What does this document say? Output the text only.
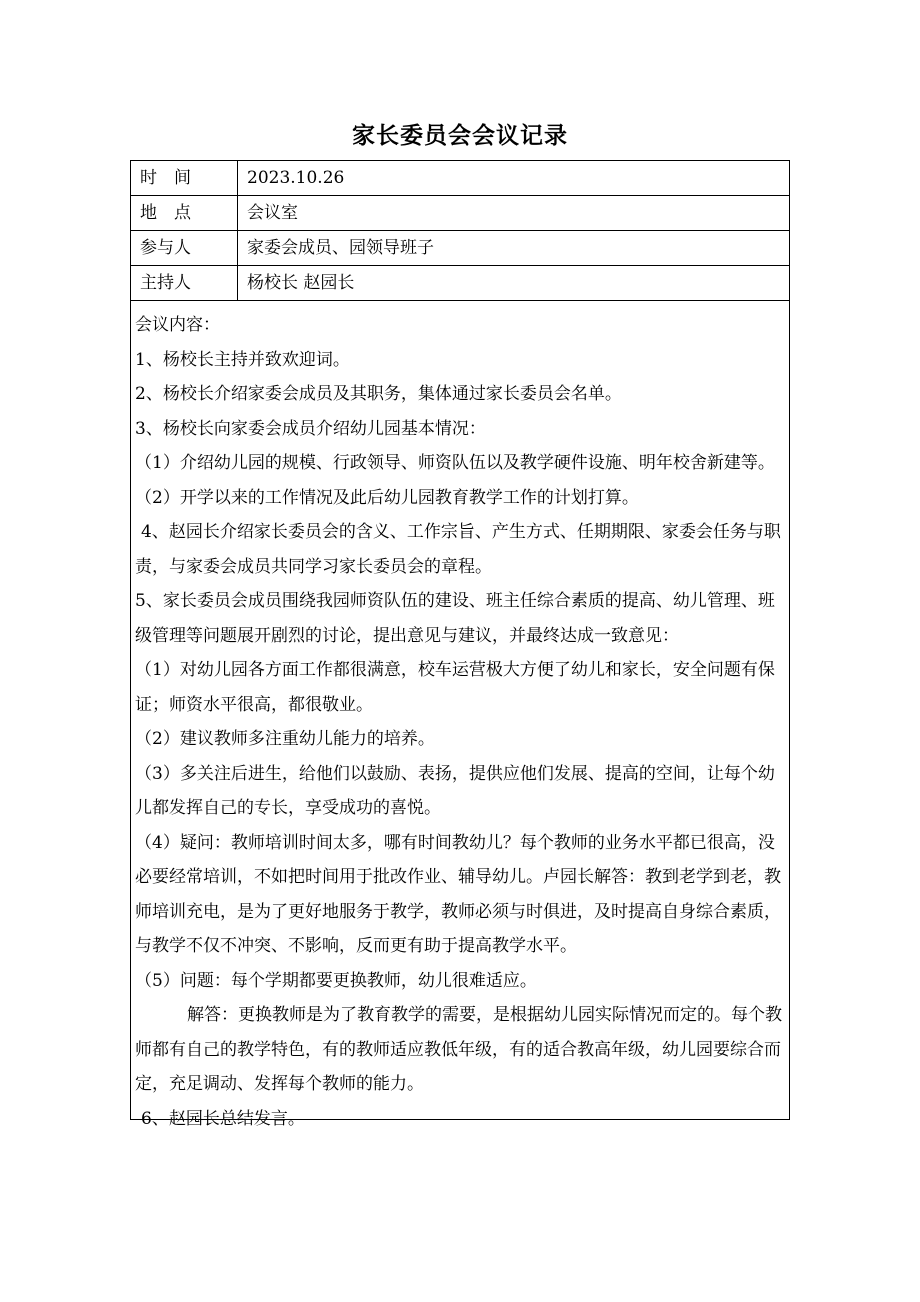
家长委员会会议记录
时　间	2023.10.26
地　点	会议室
参与人	家委会成员、园领导班子
主持人	杨校长 赵园长

会议内容：

1、杨校长主持并致欢迎词。

2、杨校长介绍家委会成员及其职务，集体通过家长委员会名单。

3、杨校长向家委会成员介绍幼儿园基本情况：

（1）介绍幼儿园的规模、行政领导、师资队伍以及教学硬件设施、明年校舍新建等。

（2）开学以来的工作情况及此后幼儿园教育教学工作的计划打算。

4、赵园长介绍家长委员会的含义、工作宗旨、产生方式、任期期限、家委会任务与职责，与家委会成员共同学习家长委员会的章程。

5、家长委员会成员围绕我园师资队伍的建设、班主任综合素质的提高、幼儿管理、班级管理等问题展开剧烈的讨论，提出意见与建议，并最终达成一致意见：

（1）对幼儿园各方面工作都很满意，校车运营极大方便了幼儿和家长，安全问题有保证；师资水平很高，都很敬业。

（2）建议教师多注重幼儿能力的培养。

（3）多关注后进生，给他们以鼓励、表扬，提供应他们发展、提高的空间，让每个幼儿都发挥自己的专长，享受成功的喜悦。

（4）疑问：教师培训时间太多，哪有时间教幼儿？每个教师的业务水平都已很高，没必要经常培训，不如把时间用于批改作业、辅导幼儿。卢园长解答：教到老学到老，教师培训充电，是为了更好地服务于教学，教师必须与时俱进，及时提高自身综合素质，与教学不仅不冲突、不影响，反而更有助于提高教学水平。

（5）问题：每个学期都要更换教师，幼儿很难适应。

解答：更换教师是为了教育教学的需要，是根据幼儿园实际情况而定的。每个教师都有自己的教学特色，有的教师适应教低年级，有的适合教高年级，幼儿园要综合而定，充足调动、发挥每个教师的能力。

6、赵园长总结发言。
